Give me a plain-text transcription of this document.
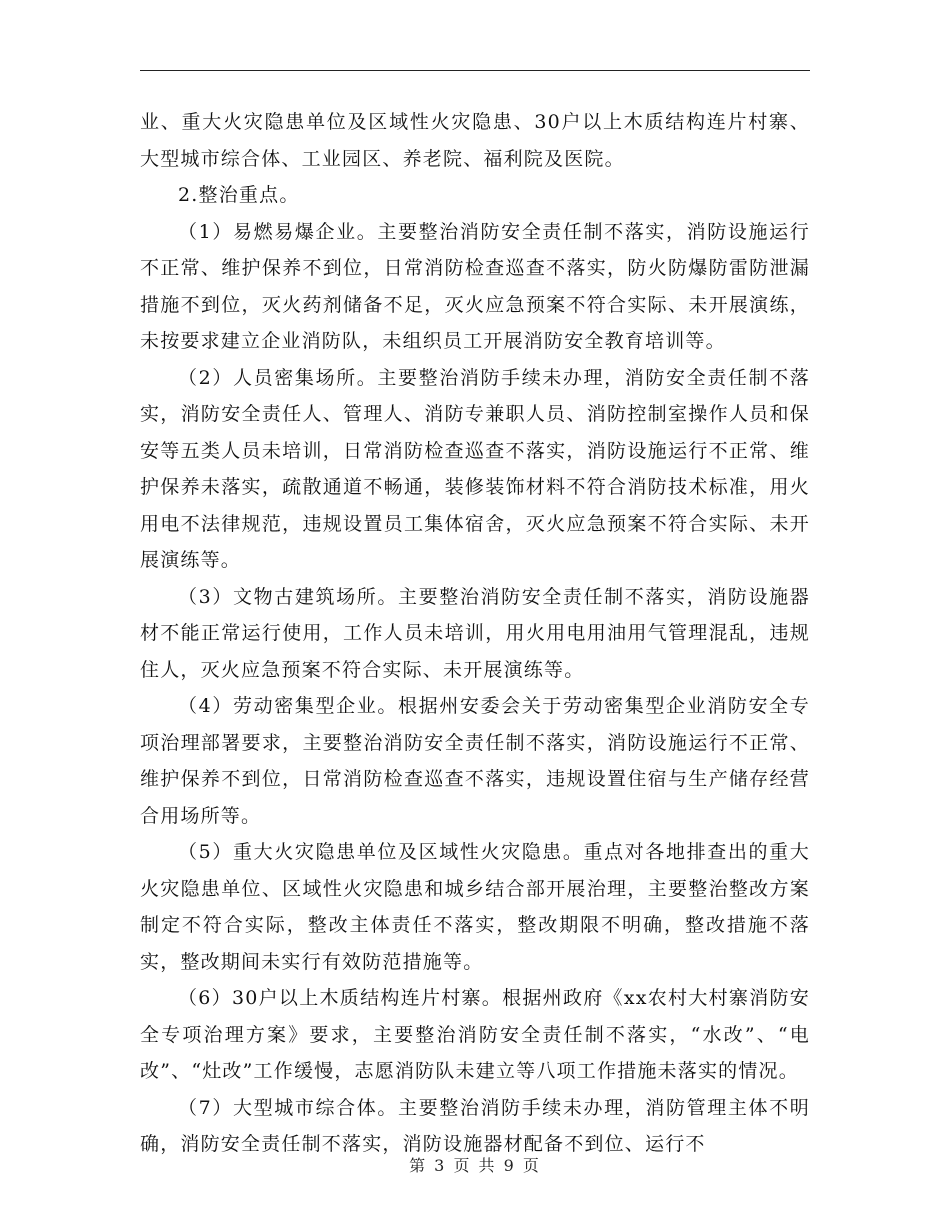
业、重大火灾隐患单位及区域性火灾隐患、30户以上木质结构连片村寨、大型城市综合体、工业园区、养老院、福利院及医院。

2.整治重点。

（1）易燃易爆企业。主要整治消防安全责任制不落实，消防设施运行不正常、维护保养不到位，日常消防检查巡查不落实，防火防爆防雷防泄漏措施不到位，灭火药剂储备不足，灭火应急预案不符合实际、未开展演练，未按要求建立企业消防队，未组织员工开展消防安全教育培训等。

（2）人员密集场所。主要整治消防手续未办理，消防安全责任制不落实，消防安全责任人、管理人、消防专兼职人员、消防控制室操作人员和保安等五类人员未培训，日常消防检查巡查不落实，消防设施运行不正常、维护保养未落实，疏散通道不畅通，装修装饰材料不符合消防技术标准，用火用电不法律规范，违规设置员工集体宿舍，灭火应急预案不符合实际、未开展演练等。

（3）文物古建筑场所。主要整治消防安全责任制不落实，消防设施器材不能正常运行使用，工作人员未培训，用火用电用油用气管理混乱，违规住人，灭火应急预案不符合实际、未开展演练等。

（4）劳动密集型企业。根据州安委会关于劳动密集型企业消防安全专项治理部署要求，主要整治消防安全责任制不落实，消防设施运行不正常、维护保养不到位，日常消防检查巡查不落实，违规设置住宿与生产储存经营合用场所等。

（5）重大火灾隐患单位及区域性火灾隐患。重点对各地排查出的重大火灾隐患单位、区域性火灾隐患和城乡结合部开展治理，主要整治整改方案制定不符合实际，整改主体责任不落实，整改期限不明确，整改措施不落实，整改期间未实行有效防范措施等。

（6）30户以上木质结构连片村寨。根据州政府《xx农村大村寨消防安全专项治理方案》要求，主要整治消防安全责任制不落实，“水改”、“电改”、“灶改”工作缓慢，志愿消防队未建立等八项工作措施未落实的情况。

（7）大型城市综合体。主要整治消防手续未办理，消防管理主体不明确，消防安全责任制不落实，消防设施器材配备不到位、运行不

第 3 页 共 9 页
